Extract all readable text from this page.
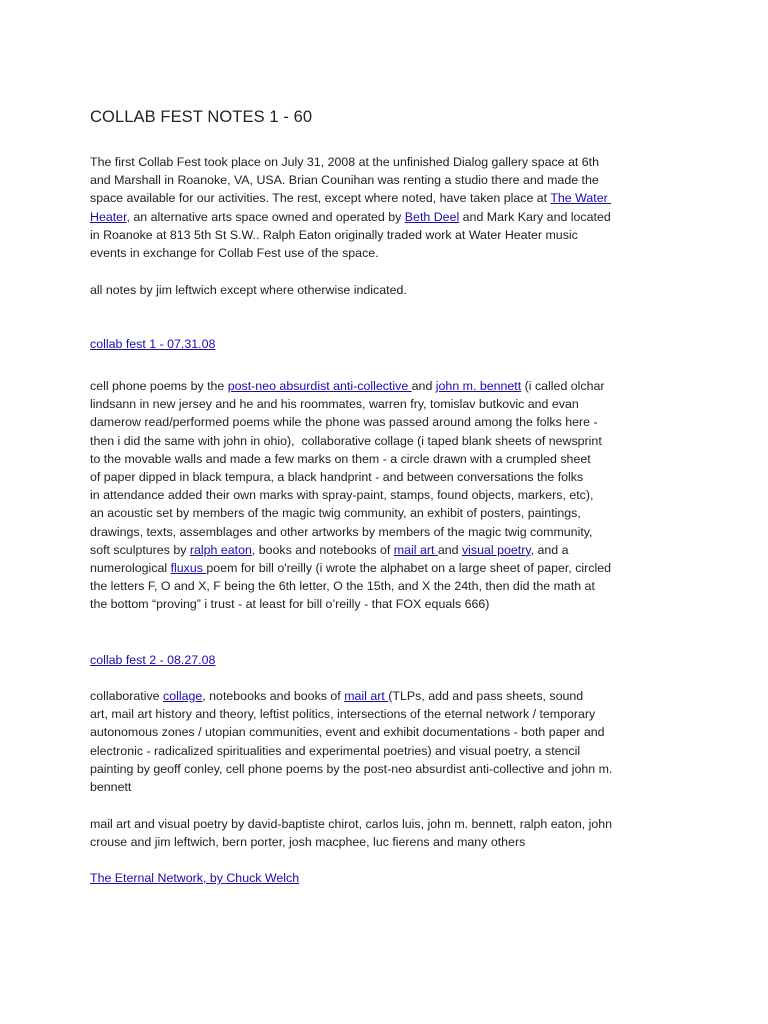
COLLAB FEST NOTES 1 - 60
The first Collab Fest took place on July 31, 2008 at the unfinished Dialog gallery space at 6th
and Marshall in Roanoke, VA, USA. Brian Counihan was renting a studio there and made the
space available for our activities. The rest, except where noted, have taken place at The Water
Heater, an alternative arts space owned and operated by Beth Deel and Mark Kary and located
in Roanoke at 813 5th St S.W.. Ralph Eaton originally traded work at Water Heater music
events in exchange for Collab Fest use of the space.
all notes by jim leftwich except where otherwise indicated.
collab fest 1 - 07.31.08
cell phone poems by the post-neo absurdist anti-collective and john m. bennett (i called olchar
lindsann in new jersey and he and his roommates, warren fry, tomislav butkovic and evan
damerow read/performed poems while the phone was passed around among the folks here -
then i did the same with john in ohio),  collaborative collage (i taped blank sheets of newsprint
to the movable walls and made a few marks on them - a circle drawn with a crumpled sheet
of paper dipped in black tempura, a black handprint - and between conversations the folks
in attendance added their own marks with spray-paint, stamps, found objects, markers, etc),
an acoustic set by members of the magic twig community, an exhibit of posters, paintings,
drawings, texts, assemblages and other artworks by members of the magic twig community,
soft sculptures by ralph eaton, books and notebooks of mail art and visual poetry, and a
numerological fluxus poem for bill o'reilly (i wrote the alphabet on a large sheet of paper, circled
the letters F, O and X, F being the 6th letter, O the 15th, and X the 24th, then did the math at
the bottom “proving” i trust - at least for bill o’reilly - that FOX equals 666)
collab fest 2 - 08.27.08
collaborative collage, notebooks and books of mail art (TLPs, add and pass sheets, sound
art, mail art history and theory, leftist politics, intersections of the eternal network / temporary
autonomous zones / utopian communities, event and exhibit documentations - both paper and
electronic - radicalized spiritualities and experimental poetries) and visual poetry, a stencil
painting by geoff conley, cell phone poems by the post-neo absurdist anti-collective and john m.
bennett
mail art and visual poetry by david-baptiste chirot, carlos luis, john m. bennett, ralph eaton, john
crouse and jim leftwich, bern porter, josh macphee, luc fierens and many others
The Eternal Network, by Chuck Welch
